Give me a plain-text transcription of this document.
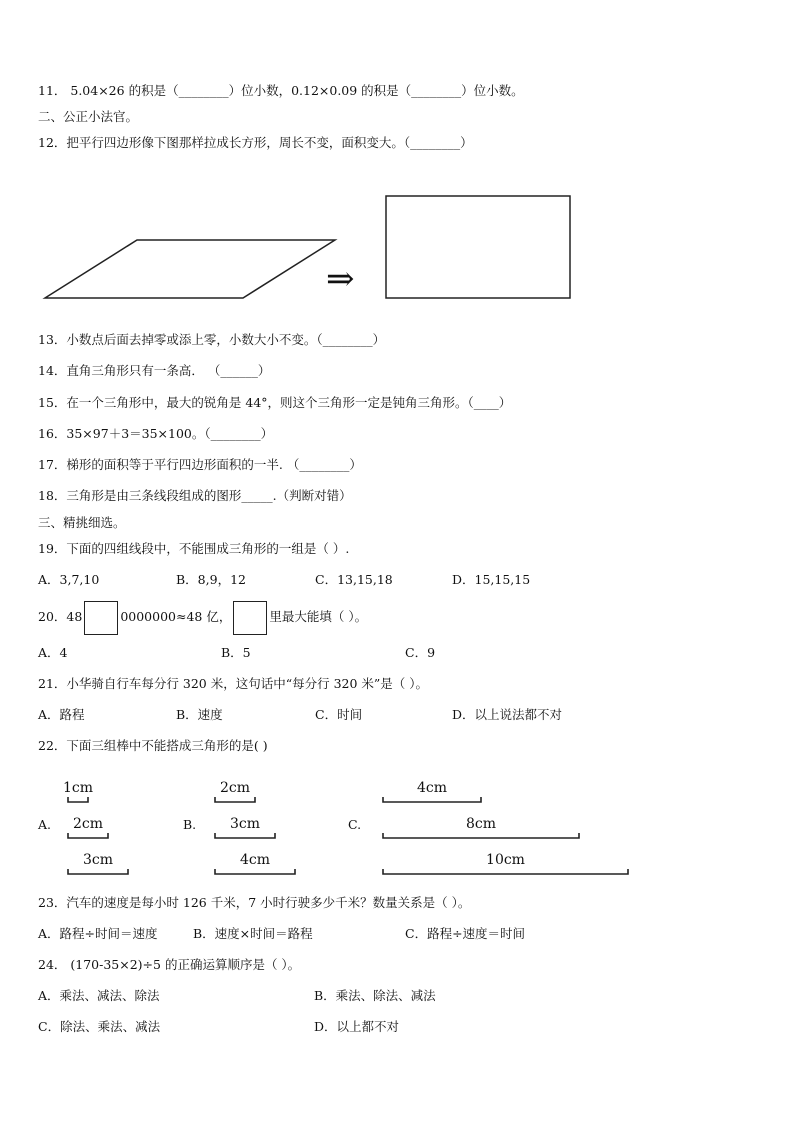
11． 5.04×26 的积是（________）位小数，0.12×0.09 的积是（________）位小数。
二、公正小法官。
12．把平行四边形像下图那样拉成长方形，周长不变，面积变大。（________）
⇒
13．小数点后面去掉零或添上零，小数大小不变。（________）
14．直角三角形只有一条高． （______）
15．在一个三角形中，最大的锐角是 44°，则这个三角形一定是钝角三角形。（____）
16．35×97＋3＝35×100。（________）
17．梯形的面积等于平行四边形面积的一半. （________）
18．三角形是由三条线段组成的图形_____.（判断对错）
三、精挑细选。
19．下面的四组线段中，不能围成三角形的一组是（ ）.
A．3,7,10	B．8,9，12	C．13,15,18	D．15,15,15
20．48	0000000≈48 亿，	里最大能填（ ）。
A．4	B．5	C．9
21．小华骑自行车每分行 320 米，这句话中“每分行 320 米”是（ ）。
A．路程	B．速度	C．时间	D．以上说法都不对
22．下面三组棒中不能搭成三角形的是( )
A.	B.	C.
1cm
2cm
3cm
2cm
3cm
4cm
4cm
8cm
10cm
23．汽车的速度是每小时 126 千米，7 小时行驶多少千米？数量关系是（ ）。
A．路程÷时间＝速度	B．速度×时间＝路程	C．路程÷速度＝时间
24． (170-35×2)÷5 的正确运算顺序是（ ）。
A．乘法、减法、除法	B．乘法、除法、减法
C．除法、乘法、减法	D．以上都不对
